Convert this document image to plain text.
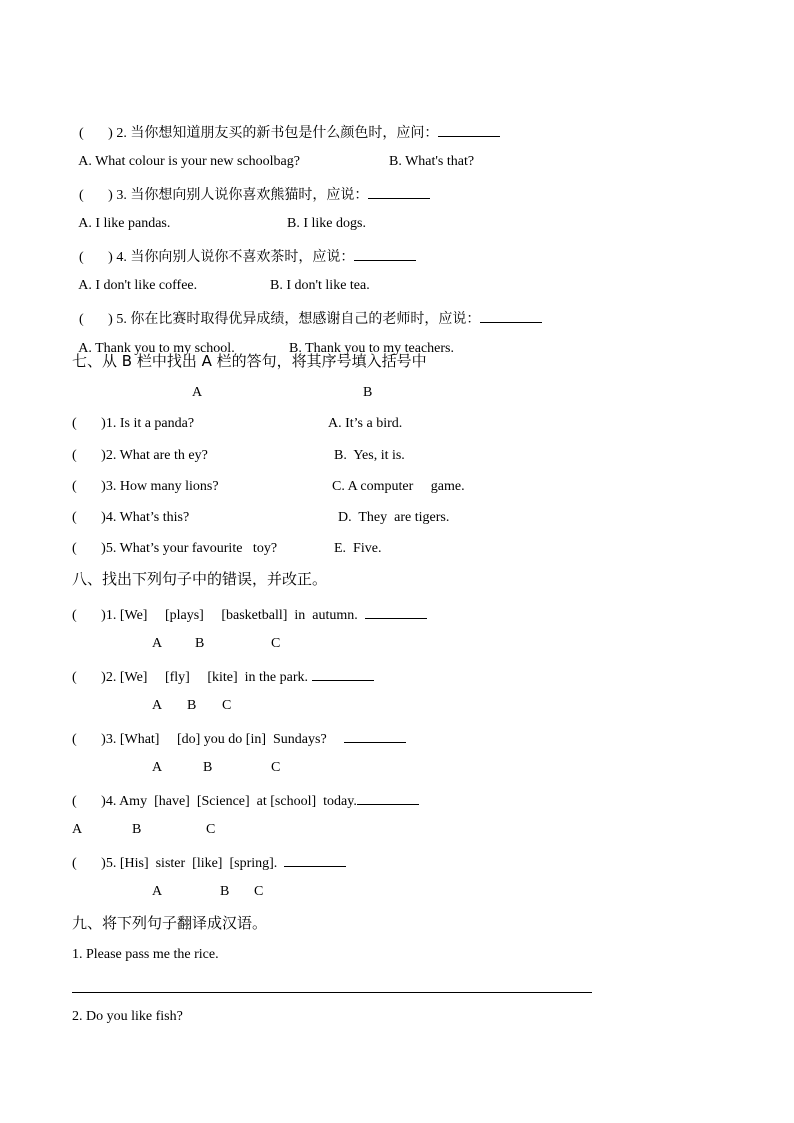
(       ) 2. 当你想知道朋友买的新书包是什么颜色时，应问：

A. What colour is your new schoolbag?	B. What's that?

(       ) 3. 当你想向别人说你喜欢熊猫时，应说：

A. I like pandas.	B. I like dogs.

(       ) 4. 当你向别人说你不喜欢茶时，应说：

A. I don't like coffee.	B. I don't like tea.

(       ) 5. 你在比赛时取得优异成绩，想感谢自己的老师时，应说：

A. Thank you to my school.	B. Thank you to my teachers.

七、从 B 栏中找出 A 栏的答句，将其序号填入括号中
A	B
(       )1. Is it a panda?	A. It’s a bird.
(       )2. What are th ey?	B.  Yes, it is.
(       )3. How many lions?	C. A computer     game.
(       )4. What’s this?	D.  They  are tigers.
(       )5. What’s your favourite   toy?	E.  Five.
八、找出下列句子中的错误，并改正。
(       )1. [We]     [plays]     [basketball]  in  autumn.
A B	C
(       )2. [We]     [fly]     [kite]  in the park.
A B C
(       )3. [What]     [do] you do [in]  Sundays?
A	B	C
(       )4. Amy  [have]  [Science]  at [school]  today.
A	B	C
(       )5. [His]  sister  [like]  [spring].
A	B C
九、将下列句子翻译成汉语。
1. Please pass me the rice.
2. Do you like fish?
